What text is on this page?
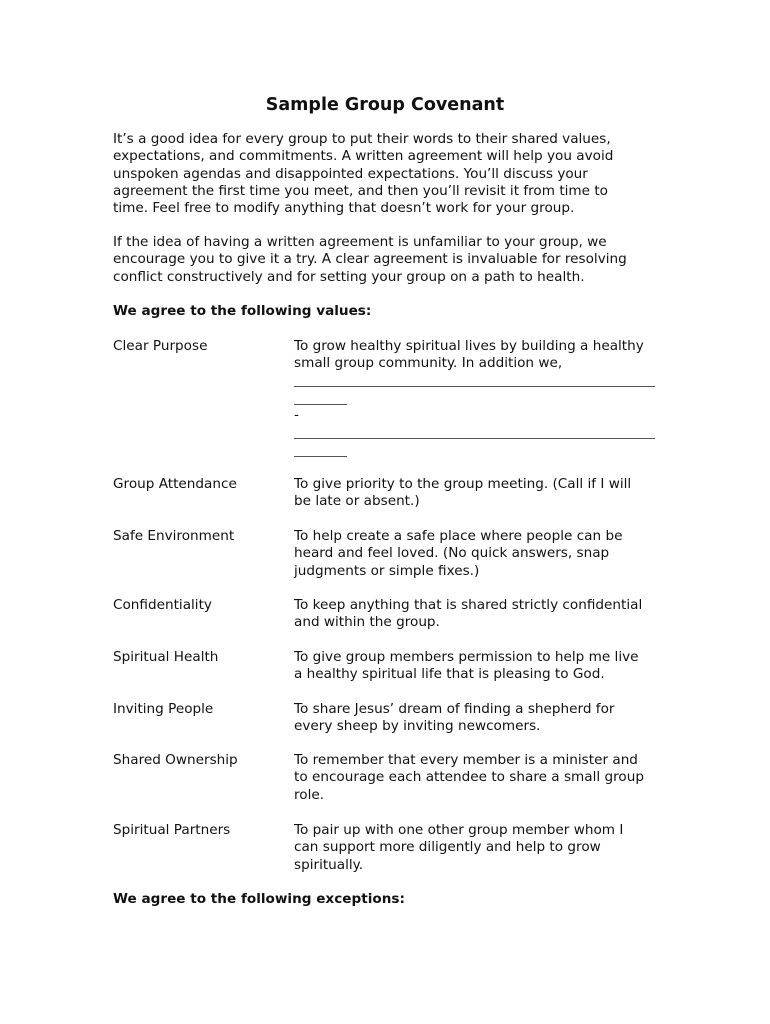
Sample Group Covenant

It’s a good idea for every group to put their words to their shared values,
expectations, and commitments. A written agreement will help you avoid
unspoken agendas and disappointed expectations. You’ll discuss your
agreement the first time you meet, and then you’ll revisit it from time to
time. Feel free to modify anything that doesn’t work for your group.

If the idea of having a written agreement is unfamiliar to your group, we
encourage you to give it a try. A clear agreement is invaluable for resolving
conflict constructively and for setting your group on a path to health.

We agree to the following values:
Clear Purpose	To grow healthy spiritual lives by building a healthy
small group community. In addition we,
-
Group Attendance	To give priority to the group meeting. (Call if I will
be late or absent.)
Safe Environment	To help create a safe place where people can be
heard and feel loved. (No quick answers, snap
judgments or simple fixes.)
Confidentiality	To keep anything that is shared strictly confidential
and within the group.
Spiritual Health	To give group members permission to help me live
a healthy spiritual life that is pleasing to God.
Inviting People	To share Jesus’ dream of finding a shepherd for
every sheep by inviting newcomers.
Shared Ownership	To remember that every member is a minister and
to encourage each attendee to share a small group
role.
Spiritual Partners	To pair up with one other group member whom I
can support more diligently and help to grow
spiritually.
We agree to the following exceptions:
